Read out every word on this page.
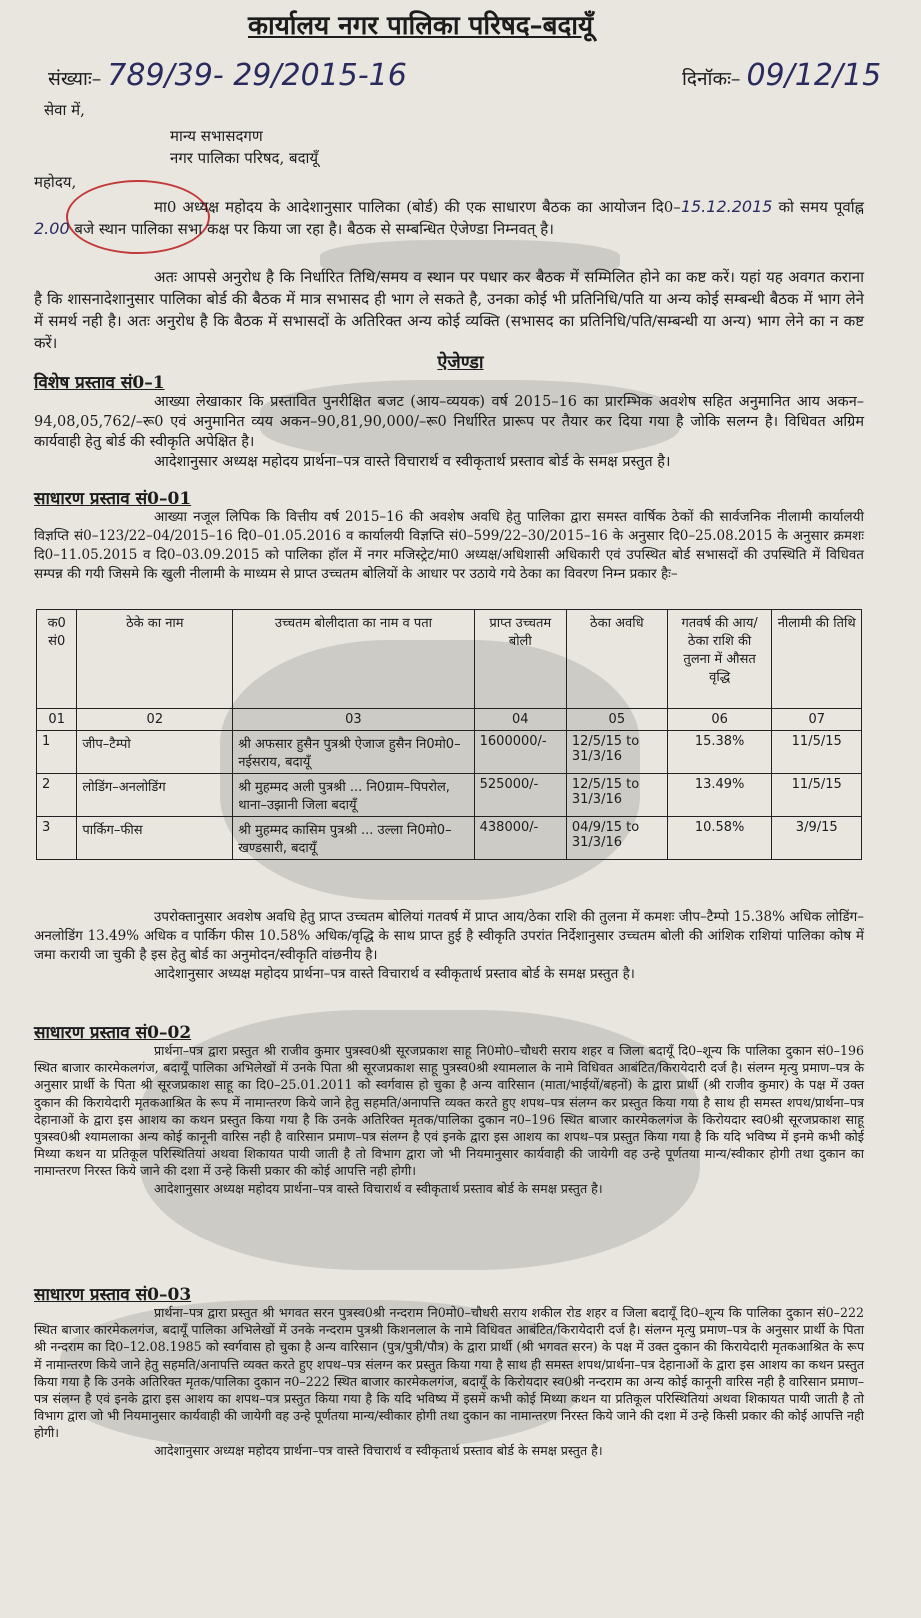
कार्यालय नगर पालिका परिषद–बदायूँ
संख्याः– 789/39- 29/2015-16	दिनॉकः– 09/12/15
सेवा में,
मान्य सभासदगण
नगर पालिका परिषद, बदायूँ
महोदय,

मा0 अध्यक्ष महोदय के आदेशानुसार पालिका (बोर्ड) की एक साधारण बैठक का आयोजन दि0–15.12.2015 को समय पूर्वाह्न 2.00 बजे स्थान पालिका सभा कक्ष पर किया जा रहा है। बैठक से सम्बन्धित ऐजेण्डा निम्नवत् है।

अतः आपसे अनुरोध है कि निर्धारित तिथि/समय व स्थान पर पधार कर बैठक में सम्मिलित होने का कष्ट करें। यहां यह अवगत कराना है कि शासनादेशानुसार पालिका बोर्ड की बैठक में मात्र सभासद ही भाग ले सकते है, उनका कोई भी प्रतिनिधि/पति या अन्य कोई सम्बन्धी बैठक में भाग लेने में समर्थ नही है। अतः अनुरोध है कि बैठक में सभासदों के अतिरिक्त अन्य कोई व्यक्ति (सभासद का प्रतिनिधि/पति/सम्बन्धी या अन्य) भाग लेने का न कष्ट करें।

ऐजेण्डा
विशेष प्रस्ताव सं0–1

आख्या लेखाकार कि प्रस्तावित पुनरीक्षित बजट (आय–व्ययक) वर्ष 2015–16 का प्रारम्भिक अवशेष सहित अनुमानित आय अकन–94,08,05,762/–रू0 एवं अनुमानित व्यय अकन–90,81,90,000/–रू0 निर्धारित प्रारूप पर तैयार कर दिया गया है जोकि सलग्न है। विधिवत अग्रिम कार्यवाही हेतु बोर्ड की स्वीकृति अपेक्षित है।

आदेशानुसार अध्यक्ष महोदय प्रार्थना–पत्र वास्ते विचारार्थ व स्वीकृतार्थ प्रस्ताव बोर्ड के समक्ष प्रस्तुत है।

साधारण प्रस्ताव सं0–01

आख्या नजूल लिपिक कि वित्तीय वर्ष 2015–16 की अवशेष अवधि हेतु पालिका द्वारा समस्त वार्षिक ठेकों की सार्वजनिक नीलामी कार्यालयी विज्ञप्ति सं0–123/22–04/2015–16 दि0–01.05.2016 व कार्यालयी विज्ञप्ति सं0–599/22–30/2015–16 के अनुसार दि0–25.08.2015 के अनुसार क्रमशः दि0–11.05.2015 व दि0–03.09.2015 को पालिका हॉल में नगर मजिस्ट्रेट/मा0 अध्यक्ष/अधिशासी अधिकारी एवं उपस्थित बोर्ड सभासदों की उपस्थिति में विधिवत सम्पन्न की गयी जिसमे कि खुली नीलामी के माध्यम से प्राप्त उच्चतम बोलियों के आधार पर उठाये गये ठेका का विवरण निम्न प्रकार हैः–

क0 सं0	ठेके का नाम	उच्चतम बोलीदाता का नाम व पता	प्राप्त उच्चतम बोली	ठेका अवधि	गतवर्ष की आय/ठेका राशि की तुलना में औसत वृद्धि	नीलामी की तिथि
01	02	03	04	05	06	07
1	जीप–टैम्पो	श्री अफसार हुसैन पुत्रश्री ऐजाज हुसैन नि0मो0–नईसराय, बदायूँ	1600000/-	12/5/15 to 31/3/16	15.38%	11/5/15
2	लोडिंग–अनलोडिंग	श्री मुहम्मद अली पुत्रश्री ... नि0ग्राम–पिपरोल, थाना–उझानी जिला बदायूँ	525000/-	12/5/15 to 31/3/16	13.49%	11/5/15
3	पार्किग–फीस	श्री मुहम्मद कासिम पुत्रश्री ... उल्ला नि0मो0–खण्डसारी, बदायूँ	438000/-	04/9/15 to 31/3/16	10.58%	3/9/15

उपरोक्तानुसार अवशेष अवधि हेतु प्राप्त उच्चतम बोलियां गतवर्ष में प्राप्त आय/ठेका राशि की तुलना में कमशः जीप–टैम्पो 15.38% अधिक लोडिंग–अनलोडिंग 13.49% अधिक व पार्किग फीस 10.58% अधिक/वृद्धि के साथ प्राप्त हुई है स्वीकृति उपरांत निर्देशानुसार उच्चतम बोली की आंशिक राशियां पालिका कोष में जमा करायी जा चुकी है इस हेतु बोर्ड का अनुमोदन/स्वीकृति वांछनीय है।

आदेशानुसार अध्यक्ष महोदय प्रार्थना–पत्र वास्ते विचारार्थ व स्वीकृतार्थ प्रस्ताव बोर्ड के समक्ष प्रस्तुत है।

साधारण प्रस्ताव सं0–02

प्रार्थना–पत्र द्वारा प्रस्तुत श्री राजीव कुमार पुत्रस्व0श्री सूरजप्रकाश साहू नि0मो0–चौधरी सराय शहर व जिला बदायूँ दि0–शून्य कि पालिका दुकान सं0–196 स्थित बाजार कारमेकलगंज, बदायूँ पालिका अभिलेखों में उनके पिता श्री सूरजप्रकाश साहू पुत्रस्व0श्री श्यामलाल के नामे विधिवत आबंटित/किरायेदारी दर्ज है। संलग्न मृत्यु प्रमाण–पत्र के अनुसार प्रार्थी के पिता श्री सूरजप्रकाश साहू का दि0–25.01.2011 को स्वर्गवास हो चुका है अन्य वारिसान (माता/भाईयों/बहनों) के द्वारा प्रार्थी (श्री राजीव कुमार) के पक्ष में उक्त दुकान की किरायेदारी मृतकआश्रित के रूप में नामान्तरण किये जाने हेतु सहमति/अनापत्ति व्यक्त करते हुए शपथ–पत्र संलग्न कर प्रस्तुत किया गया है साथ ही समस्त शपथ/प्रार्थना–पत्र देहानाओं के द्वारा इस आशय का कथन प्रस्तुत किया गया है कि उनके अतिरिक्त मृतक/पालिका दुकान न0–196 स्थित बाजार कारमेकलगंज के किरोयदार स्व0श्री सूरजप्रकाश साहू पुत्रस्व0श्री श्यामलाका अन्य कोई कानूनी वारिस नही है वारिसान प्रमाण–पत्र संलग्न है एवं इनके द्वारा इस आशय का शपथ–पत्र प्रस्तुत किया गया है कि यदि भविष्य में इनमे कभी कोई मिथ्या कथन या प्रतिकूल परिस्थितियां अथवा शिकायत पायी जाती है तो विभाग द्वारा जो भी नियमानुसार कार्यवाही की जायेगी वह उन्हे पूर्णतया मान्य/स्वीकार होगी तथा दुकान का नामान्तरण निरस्त किये जाने की दशा में उन्हे किसी प्रकार की कोई आपत्ति नही होगी।

आदेशानुसार अध्यक्ष महोदय प्रार्थना–पत्र वास्ते विचारार्थ व स्वीकृतार्थ प्रस्ताव बोर्ड के समक्ष प्रस्तुत है।

साधारण प्रस्ताव सं0–03

प्रार्थना–पत्र द्वारा प्रस्तुत श्री भगवत सरन पुत्रस्व0श्री नन्दराम नि0मो0–चौधरी सराय शकील रोड शहर व जिला बदायूँ दि0–शून्य कि पालिका दुकान सं0–222 स्थित बाजार कारमेकलगंज, बदायूँ पालिका अभिलेखों में उनके नन्दराम पुत्रश्री किशनलाल के नामे विधिवत आबंटित/किरायेदारी दर्ज है। संलग्न मृत्यु प्रमाण–पत्र के अनुसार प्रार्थी के पिता श्री नन्दराम का दि0–12.08.1985 को स्वर्गवास हो चुका है अन्य वारिसान (पुत्र/पुत्री/पौत्र) के द्वारा प्रार्थी (श्री भगवत सरन) के पक्ष में उक्त दुकान की किरायेदारी मृतकआश्रित के रूप में नामान्तरण किये जाने हेतु सहमति/अनापत्ति व्यक्त करते हुए शपथ–पत्र संलग्न कर प्रस्तुत किया गया है साथ ही समस्त शपथ/प्रार्थना–पत्र देहानाओं के द्वारा इस आशय का कथन प्रस्तुत किया गया है कि उनके अतिरिक्त मृतक/पालिका दुकान न0–222 स्थित बाजार कारमेकलगंज, बदायूँ के किरोयदार स्व0श्री नन्दराम का अन्य कोई कानूनी वारिस नही है वारिसान प्रमाण–पत्र संलग्न है एवं इनके द्वारा इस आशय का शपथ–पत्र प्रस्तुत किया गया है कि यदि भविष्य में इसमें कभी कोई मिथ्या कथन या प्रतिकूल परिस्थितियां अथवा शिकायत पायी जाती है तो विभाग द्वारा जो भी नियमानुसार कार्यवाही की जायेगी वह उन्हे पूर्णतया मान्य/स्वीकार होगी तथा दुकान का नामान्तरण निरस्त किये जाने की दशा में उन्हे किसी प्रकार की कोई आपत्ति नही होगी।

आदेशानुसार अध्यक्ष महोदय प्रार्थना–पत्र वास्ते विचारार्थ व स्वीकृतार्थ प्रस्ताव बोर्ड के समक्ष प्रस्तुत है।
